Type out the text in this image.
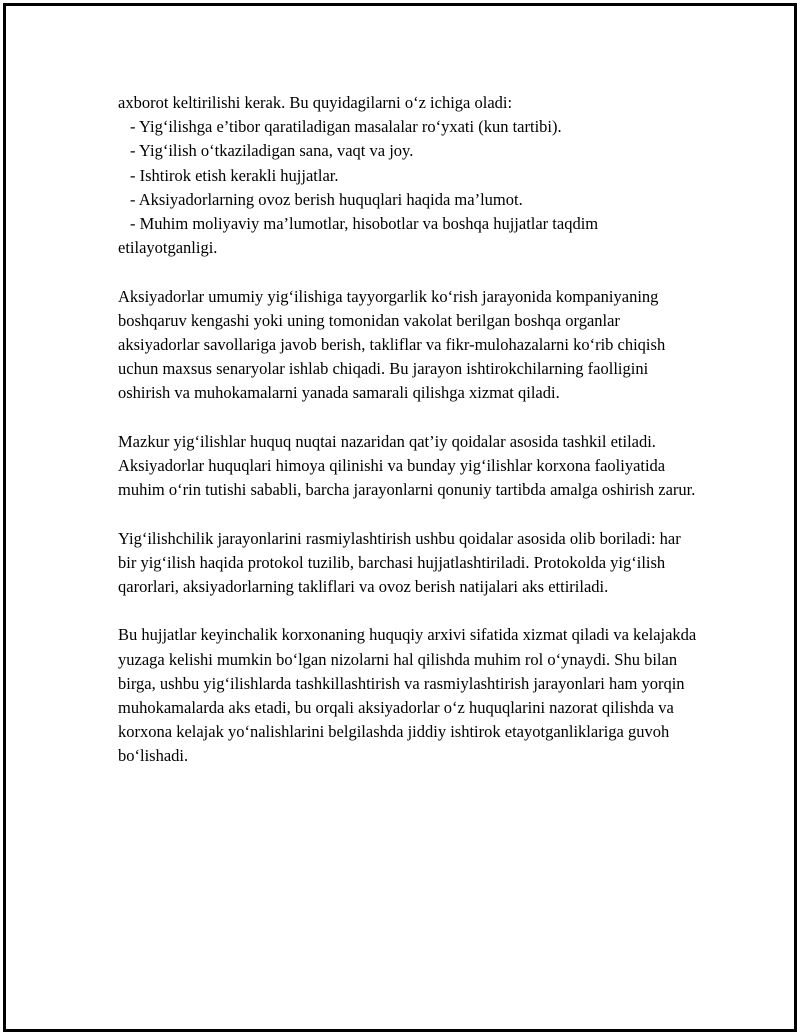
axborot keltirilishi kerak. Bu quyidagilarni o‘z ichiga oladi:
- Yig‘ilishga e’tibor qaratiladigan masalalar ro‘yxati (kun tartibi).
- Yig‘ilish o‘tkaziladigan sana, vaqt va joy.
- Ishtirok etish kerakli hujjatlar.
- Aksiyadorlarning ovoz berish huquqlari haqida ma’lumot.
- Muhim moliyaviy ma’lumotlar, hisobotlar va boshqa hujjatlar taqdim
etilayotganligi.

Aksiyadorlar umumiy yig‘ilishiga tayyorgarlik ko‘rish jarayonida kompaniyaning boshqaruv kengashi yoki uning tomonidan vakolat berilgan boshqa organlar aksiyadorlar savollariga javob berish, takliflar va fikr-mulohazalarni ko‘rib chiqish uchun maxsus senaryolar ishlab chiqadi. Bu jarayon ishtirokchilarning faolligini oshirish va muhokamalarni yanada samarali qilishga xizmat qiladi.

Mazkur yig‘ilishlar huquq nuqtai nazaridan qat’iy qoidalar asosida tashkil etiladi. Aksiyadorlar huquqlari himoya qilinishi va bunday yig‘ilishlar korxona faoliyatida muhim o‘rin tutishi sababli, barcha jarayonlarni qonuniy tartibda amalga oshirish zarur.

Yig‘ilishchilik jarayonlarini rasmiylashtirish ushbu qoidalar asosida olib boriladi: har bir yig‘ilish haqida protokol tuzilib, barchasi hujjatlashtiriladi. Protokolda yig‘ilish qarorlari, aksiyadorlarning takliflari va ovoz berish natijalari aks ettiriladi.

Bu hujjatlar keyinchalik korxonaning huquqiy arxivi sifatida xizmat qiladi va kelajakda yuzaga kelishi mumkin bo‘lgan nizolarni hal qilishda muhim rol o‘ynaydi. Shu bilan birga, ushbu yig‘ilishlarda tashkillashtirish va rasmiylashtirish jarayonlari ham yorqin muhokamalarda aks etadi, bu orqali aksiyadorlar o‘z huquqlarini nazorat qilishda va korxona kelajak yo‘nalishlarini belgilashda jiddiy ishtirok etayotganliklariga guvoh bo‘lishadi.
